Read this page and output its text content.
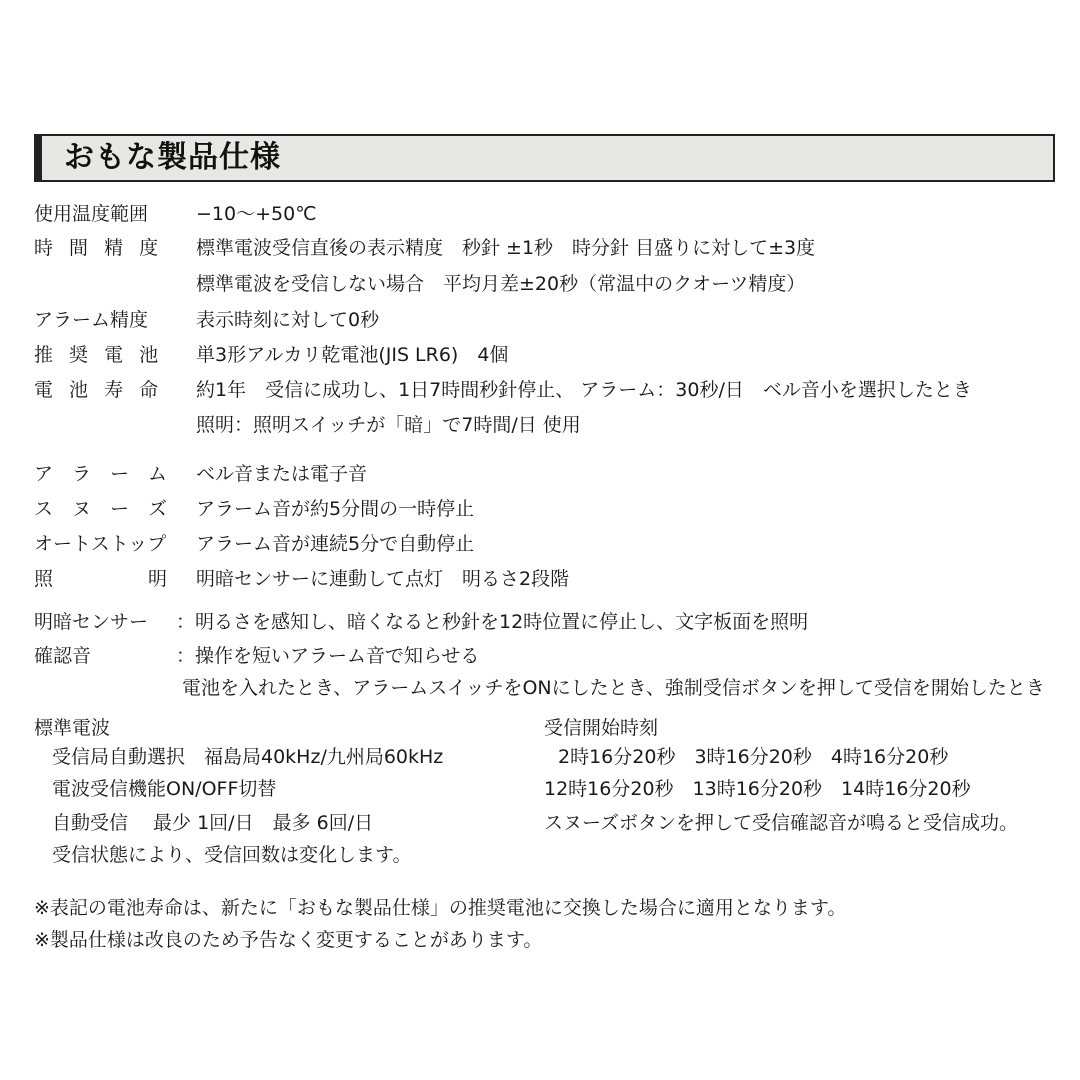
おもな製品仕様
使用温度範囲	−10〜+50℃
時 間 精 度 標準電波受信直後の表示精度　秒針 ±1秒　時分針 目盛りに対して±3度
標準電波を受信しない場合　平均月差±20秒（常温中のクオーツ精度）
アラーム精度	表示時刻に対して0秒
推 奨 電 池 単3形アルカリ乾電池(JIS LR6)　4個
電 池 寿 命 約1年　受信に成功し、1日7時間秒針停止、 アラーム：30秒/日　ベル音小を選択したとき
照明：照明スイッチが「暗」で7時間/日 使用
ア　ラ　ー　ム ベル音または電子音
ス　ヌ　ー　ズ アラーム音が約5分間の一時停止
オートストップ アラーム音が連続5分で自動停止
照　　　　　明 明暗センサーに連動して点灯　明るさ2段階
明暗センサー ：明るさを感知し、暗くなると秒針を12時位置に停止し、文字板面を照明
確認音	：操作を短いアラーム音で知らせる
電池を入れたとき、アラームスイッチをONにしたとき、強制受信ボタンを押して受信を開始したとき
標準電波
受信局自動選択　福島局40kHz/九州局60kHz
電波受信機能ON/OFF切替
自動受信　 最少 1回/日　最多 6回/日
受信状態により、受信回数は変化します。
受信開始時刻
2時16分20秒　3時16分20秒　4時16分20秒
12時16分20秒　13時16分20秒　14時16分20秒
スヌーズボタンを押して受信確認音が鳴ると受信成功。
※表記の電池寿命は、新たに「おもな製品仕様」の推奨電池に交換した場合に適用となります。
※製品仕様は改良のため予告なく変更することがあります。
